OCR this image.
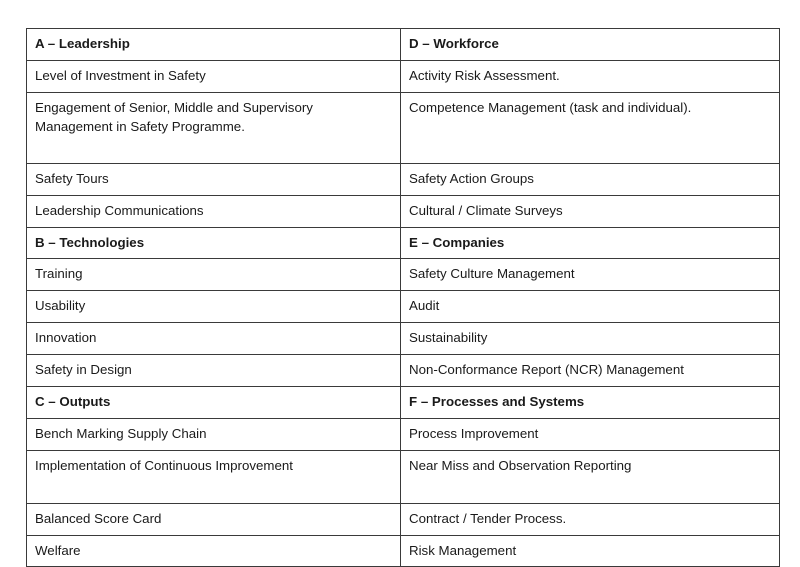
A – Leadership	D – Workforce

Level of Investment in Safety	Activity Risk Assessment.

Engagement of Senior, Middle and Supervisory Management in Safety Programme.	Competence Management (task and individual).

Safety Tours	Safety Action Groups

Leadership Communications	Cultural / Climate Surveys

B – Technologies	E – Companies

Training	Safety Culture Management

Usability	Audit

Innovation	Sustainability

Safety in Design	Non-Conformance Report (NCR) Management

C – Outputs	F – Processes and Systems

Bench Marking Supply Chain	Process Improvement

Implementation of Continuous Improvement	Near Miss and Observation Reporting

Balanced Score Card	Contract / Tender Process.

Welfare	Risk Management
